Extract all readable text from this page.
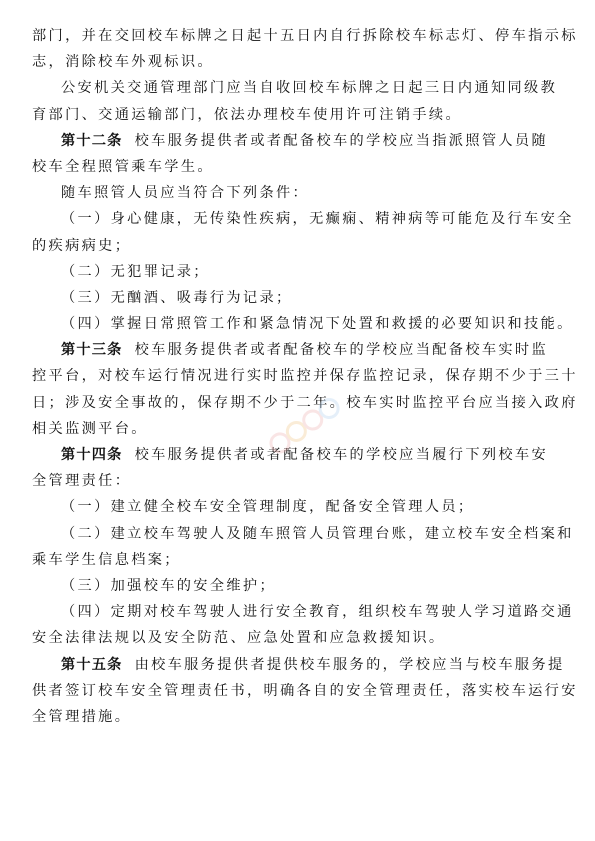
部门，并在交回校车标牌之日起十五日内自行拆除校车标志灯、停车指示标
志，消除校车外观标识。
公安机关交通管理部门应当自收回校车标牌之日起三日内通知同级教
育部门、交通运输部门，依法办理校车使用许可注销手续。
第十二条 校车服务提供者或者配备校车的学校应当指派照管人员随
校车全程照管乘车学生。
随车照管人员应当符合下列条件：
（一）身心健康，无传染性疾病，无癫痫、精神病等可能危及行车安全
的疾病病史；
（二）无犯罪记录；
（三）无酗酒、吸毒行为记录；
（四）掌握日常照管工作和紧急情况下处置和救援的必要知识和技能。
第十三条 校车服务提供者或者配备校车的学校应当配备校车实时监
控平台，对校车运行情况进行实时监控并保存监控记录，保存期不少于三十
日；涉及安全事故的，保存期不少于二年。校车实时监控平台应当接入政府
相关监测平台。
第十四条 校车服务提供者或者配备校车的学校应当履行下列校车安
全管理责任：
（一）建立健全校车安全管理制度，配备安全管理人员；
（二）建立校车驾驶人及随车照管人员管理台账，建立校车安全档案和
乘车学生信息档案；
（三）加强校车的安全维护；
（四）定期对校车驾驶人进行安全教育，组织校车驾驶人学习道路交通
安全法律法规以及安全防范、应急处置和应急救援知识。
第十五条 由校车服务提供者提供校车服务的，学校应当与校车服务提
供者签订校车安全管理责任书，明确各自的安全管理责任，落实校车运行安
全管理措施。
